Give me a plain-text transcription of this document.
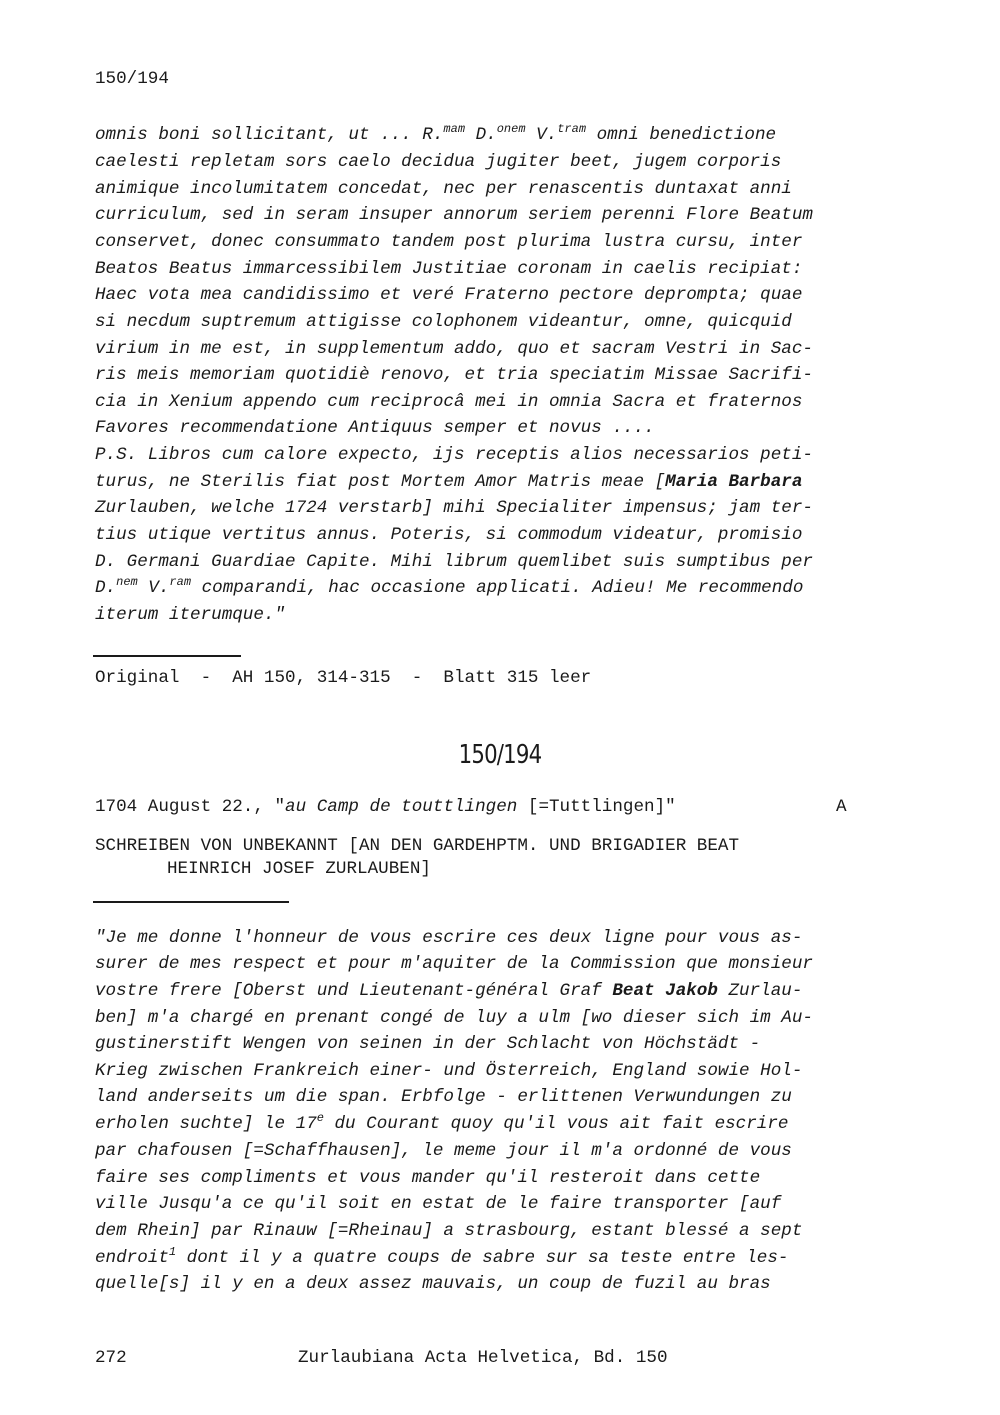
150/194
omnis boni sollicitant, ut ... R.$^{mam}$ D.$^{onem}$ V.$^{tram}$ omni benedictione
caelesti repletam sors caelo decidua jugiter beet, jugem corporis
animique incolumitatem concedat, nec per renascentis duntaxat anni
curriculum, sed in seram insuper annorum seriem perenni Flore Beatum
conservet, donec consummato tandem post plurima lustra cursu, inter
Beatos Beatus immarcessibilem Justitiae coronam in caelis recipiat:
Haec vota mea candidissimo et veré Fraterno pectore deprompta; quae
si necdum suptremum attigisse colophonem videantur, omne, quicquid
virium in me est, in supplementum addo, quo et sacram Vestri in Sac-
ris meis memoriam quotidiè renovo, et tria speciatim Missae Sacrifi-
cia in Xenium appendo cum reciprocâ mei in omnia Sacra et fraternos
Favores recommendatione Antiquus semper et novus ....
P.S. Libros cum calore expecto, ijs receptis alios necessarios peti-
turus, ne Sterilis fiat post Mortem Amor Matris meae [Maria Barbara
Zurlauben, welche 1724 verstarb] mihi Specialiter impensus; jam ter-
tius utique vertitus annus. Poteris, si commodum videatur, promisio
D. Germani Guardiae Capite. Mihi librum quemlibet suis sumptibus per
D.$^{nem}$ V.$^{ram}$ comparandi, hac occasione applicati. Adieu! Me recommendo
iterum iterumque."
Original  -  AH 150, 314-315  -  Blatt 315 leer
150/194
1704 August 22., "au Camp de touttlingen [=Tuttlingen]"	A
SCHREIBEN VON UNBEKANNT [AN DEN GARDEHPTM. UND BRIGADIER BEAT
HEINRICH JOSEF ZURLAUBEN]
"Je me donne l'honneur de vous escrire ces deux ligne pour vous as-
surer de mes respect et pour m'aquiter de la Commission que monsieur
vostre frere [Oberst und Lieutenant-général Graf Beat Jakob Zurlau-
ben] m'a chargé en prenant congé de luy a ulm [wo dieser sich im Au-
gustinerstift Wengen von seinen in der Schlacht von Höchstädt -
Krieg zwischen Frankreich einer- und Österreich, England sowie Hol-
land anderseits um die span. Erbfolge - erlittenen Verwundungen zu
erholen suchte] le 17e du Courant quoy qu'il vous ait fait escrire
par chafousen [=Schaffhausen], le meme jour il m'a ordonné de vous
faire ses compliments et vous mander qu'il resteroit dans cette
ville Jusqu'a ce qu'il soit en estat de le faire transporter [auf
dem Rhein] par Rinauw [=Rheinau] a strasbourg, estant blessé a sept
endroit$^1$ dont il y a quatre coups de sabre sur sa teste entre les-
quelle[s] il y en a deux assez mauvais, un coup de fuzil au bras
272	Zurlaubiana Acta Helvetica, Bd. 150
